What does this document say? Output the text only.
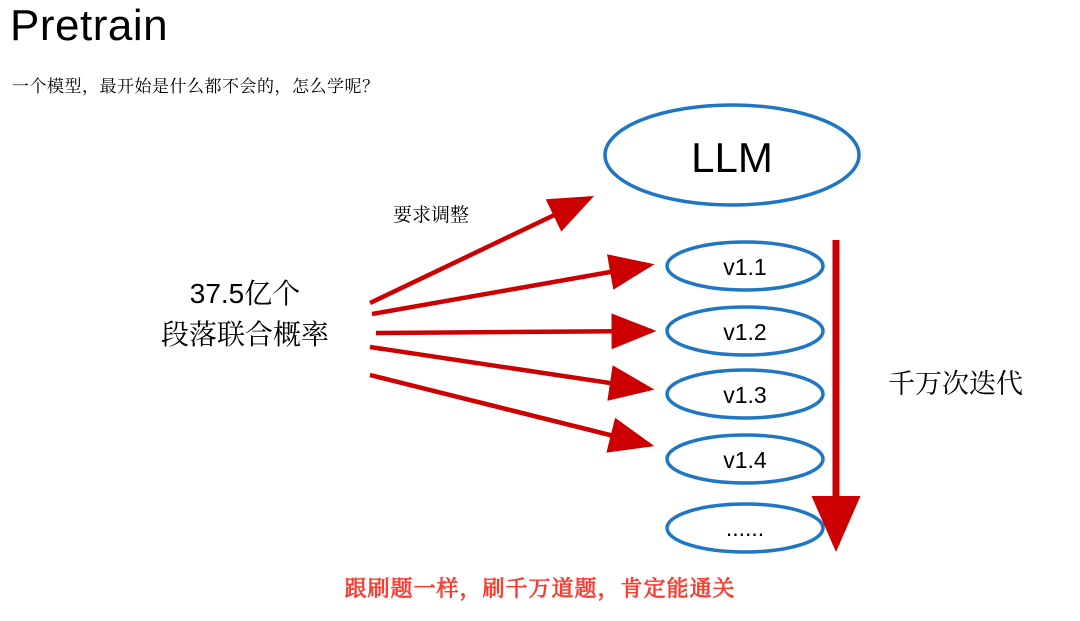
Pretrain
一个模型，最开始是什么都不会的，怎么学呢？
LLM
v1.1
v1.2
v1.3
v1.4
......
37.5亿个
段落联合概率
要求调整
千万次迭代
跟刷题一样，刷千万道题，肯定能通关
